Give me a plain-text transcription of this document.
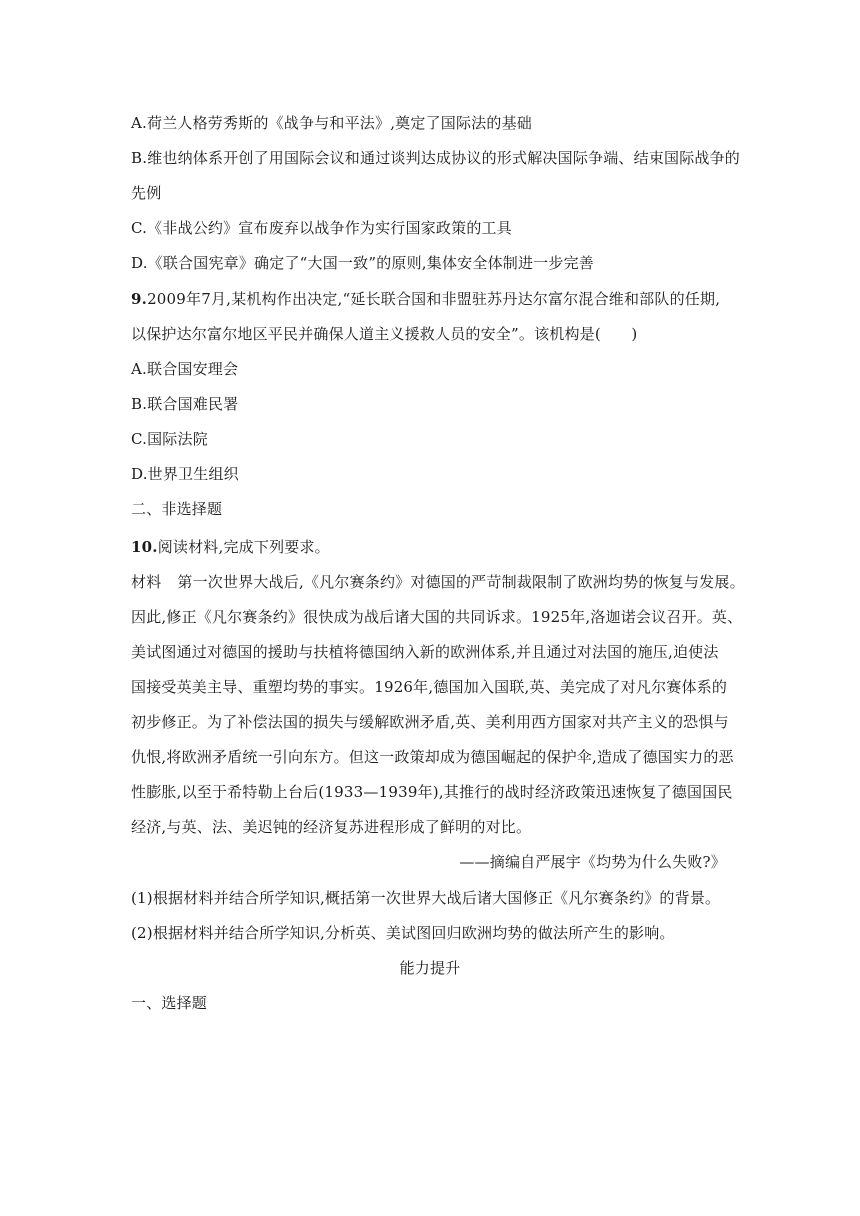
A.荷兰人格劳秀斯的《战争与和平法》,奠定了国际法的基础
B.维也纳体系开创了用国际会议和通过谈判达成协议的形式解决国际争端、结束国际战争的
先例
C.《非战公约》宣布废弃以战争作为实行国家政策的工具
D.《联合国宪章》确定了“大国一致”的原则,集体安全体制进一步完善
9.2009年7月,某机构作出决定,“延长联合国和非盟驻苏丹达尔富尔混合维和部队的任期,
以保护达尔富尔地区平民并确保人道主义援救人员的安全”。该机构是(　　)
A.联合国安理会
B.联合国难民署
C.国际法院
D.世界卫生组织
二、非选择题
10.阅读材料,完成下列要求。
材料 第一次世界大战后,《凡尔赛条约》对德国的严苛制裁限制了欧洲均势的恢复与发展。
因此,修正《凡尔赛条约》很快成为战后诸大国的共同诉求。1925年,洛迦诺会议召开。英、
美试图通过对德国的援助与扶植将德国纳入新的欧洲体系,并且通过对法国的施压,迫使法
国接受英美主导、重塑均势的事实。1926年,德国加入国联,英、美完成了对凡尔赛体系的
初步修正。为了补偿法国的损失与缓解欧洲矛盾,英、美利用西方国家对共产主义的恐惧与
仇恨,将欧洲矛盾统一引向东方。但这一政策却成为德国崛起的保护伞,造成了德国实力的恶
性膨胀,以至于希特勒上台后(1933—1939年),其推行的战时经济政策迅速恢复了德国国民
经济,与英、法、美迟钝的经济复苏进程形成了鲜明的对比。
——摘编自严展宇《均势为什么失败?》
(1)根据材料并结合所学知识,概括第一次世界大战后诸大国修正《凡尔赛条约》的背景。
(2)根据材料并结合所学知识,分析英、美试图回归欧洲均势的做法所产生的影响。
能力提升
一、选择题
